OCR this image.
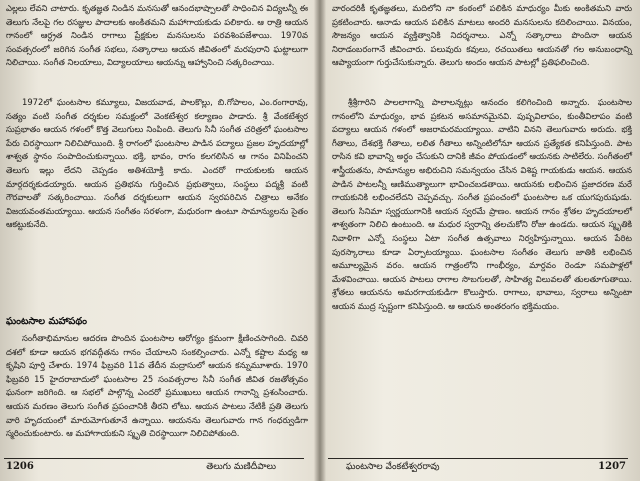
ఎల్లలు లేవని చాటారు. కృతజ్ఞత నిండిన మనసుతో ఆనందభాష్పాలతో సాధించిన విద్యలన్నీ ఈ తెలుగు నేలపై గల రసజ్ఞుల పాదాలకు అంకితమని మహాగాయకుడు పలికారు. ఆ రాత్రి ఆయన గానంలో ఆర్ద్రత నిండిన రాగాలు ప్రేక్షకుల మనసులను పరవశింపజేశాయి. 1970వ సంవత్సరంలో జరిగిన సంగీత సభలు, సత్కారాలు ఆయన జీవితంలో మరపురాని ఘట్టాలుగా నిలిచాయి. సంగీత నిలయాలు, విద్యాలయాలు ఆయన్ను ఆహ్వానించి సత్కరించాయి.

1972లో ఘంటసాల కమ్యూలు, విజయవాడ, పాలకొల్లు, బి.గోపాలం, ఎం.రంగారావు, సత్యం వంటి సంగీత దర్శకుల సమక్షంలో వెంకటేశ్వర కల్యాణం పాడారు. శ్రీ వేంకటేశ్వర సుప్రభాతం ఆయన గళంలో కొత్త వెలుగులు నింపింది. తెలుగు సినీ సంగీత చరిత్రలో ఘంటసాల పేరు చిరస్థాయిగా నిలిచిపోయింది. శ్రీ రాగంలో ఘంటసాల పాడిన పద్యాలు ప్రజల హృదయాల్లో శాశ్వత స్థానం సంపాదించుకున్నాయి. భక్తి, భావం, రాగం కలగలిసిన ఆ గానం వినిపించని తెలుగు ఇల్లు లేదని చెప్పడం అతిశయోక్తి కాదు. ఎందరో గాయకులకు ఆయన మార్గదర్శకుడయ్యారు. ఆయన ప్రతిభను గుర్తించిన ప్రభుత్వాలు, సంస్థలు పద్మశ్రీ వంటి గౌరవాలతో సత్కరించాయి. సంగీత దర్శకులుగా ఆయన స్వరపరిచిన చిత్రాలు అనేకం విజయవంతమయ్యాయి. ఆయన సంగీతం సరళంగా, మధురంగా ఉంటూ సామాన్యులను సైతం ఆకట్టుకునేది.

ఘంటసాల మహాపథం

సంగీతాభిమానుల ఆదరణ పొందిన ఘంటసాల ఆరోగ్యం క్రమంగా క్షీణించసాగింది. చివరి దశలో కూడా ఆయన భగవద్గీతను గానం చేయాలని సంకల్పించారు. ఎన్నో కష్టాల మధ్య ఆ కృషిని పూర్తి చేశారు. 1974 ఫిబ్రవరి 11వ తేదీన మద్రాసులో ఆయన కన్నుమూశారు. 1970 ఫిబ్రవరి 15 హైదరాబాదులో ఘంటసాల 25 సంవత్సరాల సినీ సంగీత జీవిత రజతోత్సవం ఘనంగా జరిగింది. ఆ సభలో పాల్గొన్న ఎందరో ప్రముఖులు ఆయన గానాన్ని ప్రశంసించారు. ఆయన మరణం తెలుగు సంగీత ప్రపంచానికి తీరని లోటు. ఆయన పాటలు నేటికీ ప్రతి తెలుగు వారి హృదయంలో మారుమోగుతూనే ఉన్నాయి. ఆయనను తెలుగువారు గాన గంధర్వుడిగా స్మరించుకుంటారు. ఆ మహాగాయకుని స్మృతి చిరస్థాయిగా నిలిచిపోతుంది.

1206	తెలుగు మణిదీపాలు

వారందరికీ కృతజ్ఞతలు, మదిలోని నా కంఠంలో పలికిన మాధుర్యం మీకు అంకితమని వారు ప్రకటించారు. ఆనాడు ఆయన పలికిన మాటలు అందరి మనసులను కదిలించాయి. వినయం, సౌజన్యం ఆయన వ్యక్తిత్వానికి నిదర్శనాలు. ఎన్నో సత్కారాలు పొందినా ఆయన నిరాడంబరంగానే జీవించారు. పలువురు కవులు, రచయితలు ఆయనతో గల అనుబంధాన్ని ఆప్యాయంగా గుర్తుచేసుకున్నారు. తెలుగు అందం ఆయన పాటల్లో ప్రతిఫలించింది.

శ్రీశ్రీగారిని పాలలాగాన్ని పాలాలన్నట్లు ఆనందం కలిగించింది అన్నారు. ఘంటసాల గానంలోని మాధుర్యం, భావ ప్రకటన అసమానమైనవి. పుష్పవిలాపం, కుంతీవిలాపం వంటి పద్యాలు ఆయన గళంలో అజరామరమయ్యాయి. వాటిని వినని తెలుగువారు అరుదు. భక్తి గీతాలు, దేశభక్తి గీతాలు, లలిత గీతాలు అన్నింటిలోనూ ఆయన ప్రత్యేకత కనిపిస్తుంది. పాట రాసిన కవి భావాన్ని అర్థం చేసుకుని దానికి జీవం పోయడంలో ఆయనకు సాటిలేరు. సంగీతంలో శాస్త్రీయతను, సామాన్యుల అభిరుచిని సమన్వయం చేసిన విశిష్ట గాయకుడు ఆయన. ఆయన పాడిన పాటలన్నీ ఆణిముత్యాలుగా భావించబడతాయి. ఆయనకు లభించిన ప్రజాదరణ మరే గాయకునికి లభించలేదని చెప్పవచ్చు. సంగీత ప్రపంచంలో ఘంటసాల ఒక యుగపురుషుడు. తెలుగు సినిమా స్వర్ణయుగానికి ఆయన స్వరమే ప్రాణం. ఆయన గానం శ్రోతల హృదయాలలో శాశ్వతంగా నిలిచి ఉంటుంది. ఆ మధుర స్వరాన్ని తలచుకోని రోజు ఉండదు. ఆయన స్మృతికి నివాళిగా ఎన్నో సంస్థలు ఏటా సంగీత ఉత్సవాలు నిర్వహిస్తున్నాయి. ఆయన పేరిట పురస్కారాలు కూడా ఏర్పాటయ్యాయి. ఘంటసాల సంగీతం తెలుగు జాతికి లభించిన అమూల్యమైన వరం. ఆయన గాత్రంలోని గాంభీర్యం, మార్దవం రెండూ సమపాళ్లలో మేళవించాయి. ఆయన పాటలు రాగాల సొబగులతో, సాహిత్య విలువలతో తులతూగుతాయి. శ్రోతలు ఆయనను అమరగాయకుడిగా కొలుస్తారు. రాగాలు, భావాలు, స్వరాలు అన్నింటా ఆయన ముద్ర స్పష్టంగా కనిపిస్తుంది. ఆ ఆయన అంతరంగం భక్తిమయం.

ఘంటసాల వేంకటేశ్వరరావు	1207
